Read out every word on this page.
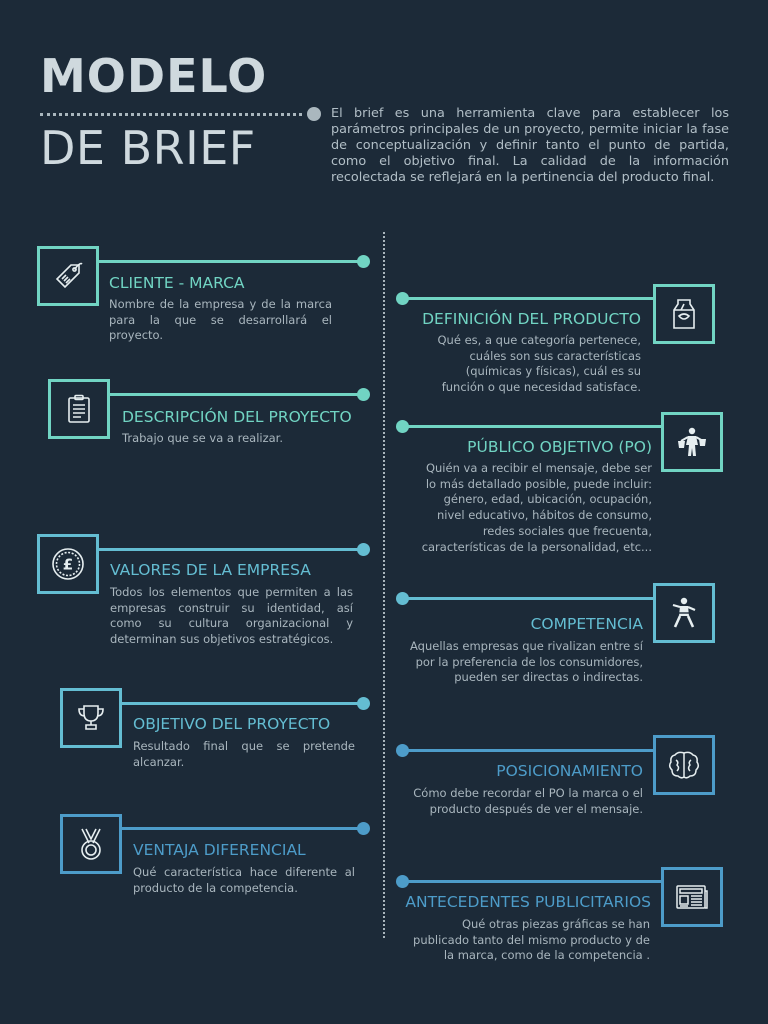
MODELO
DE BRIEF
El brief es una herramienta clave para establecer los parámetros principales de un proyecto, permite iniciar la fase de conceptualización y definir tanto el punto de partida, como el objetivo final. La calidad de la información recolectada se reflejará en la pertinencia del producto final.
CLIENTE - MARCA
Nombre de la empresa y de la marca para la que se desarrollará el proyecto.
DESCRIPCIÓN DEL PROYECTO
Trabajo que se va a realizar.
£ VALORES DE LA EMPRESA
Todos los elementos que permiten a las empresas construir su identidad, así como su cultura organizacional y determinan sus objetivos estratégicos.
OBJETIVO DEL PROYECTO
Resultado final que se pretende alcanzar.
VENTAJA DIFERENCIAL
Qué característica hace diferente al producto de la competencia.
DEFINICIÓN DEL PRODUCTO
Qué es, a que categoría pertenece, cuáles son sus características (químicas y físicas), cuál es su función o que necesidad satisface.
PÚBLICO OBJETIVO (PO)
Quién va a recibir el mensaje, debe ser lo más detallado posible, puede incluir: género, edad, ubicación, ocupación, nivel educativo, hábitos de consumo, redes sociales que frecuenta, características de la personalidad, etc...
COMPETENCIA
Aquellas empresas que rivalizan entre sí por la preferencia de los consumidores, pueden ser directas o indirectas.
POSICIONAMIENTO
Cómo debe recordar el PO la marca o el producto después de ver el mensaje.
ANTECEDENTES PUBLICITARIOS
Qué otras piezas gráficas se han publicado tanto del mismo producto y de la marca, como de la competencia .
